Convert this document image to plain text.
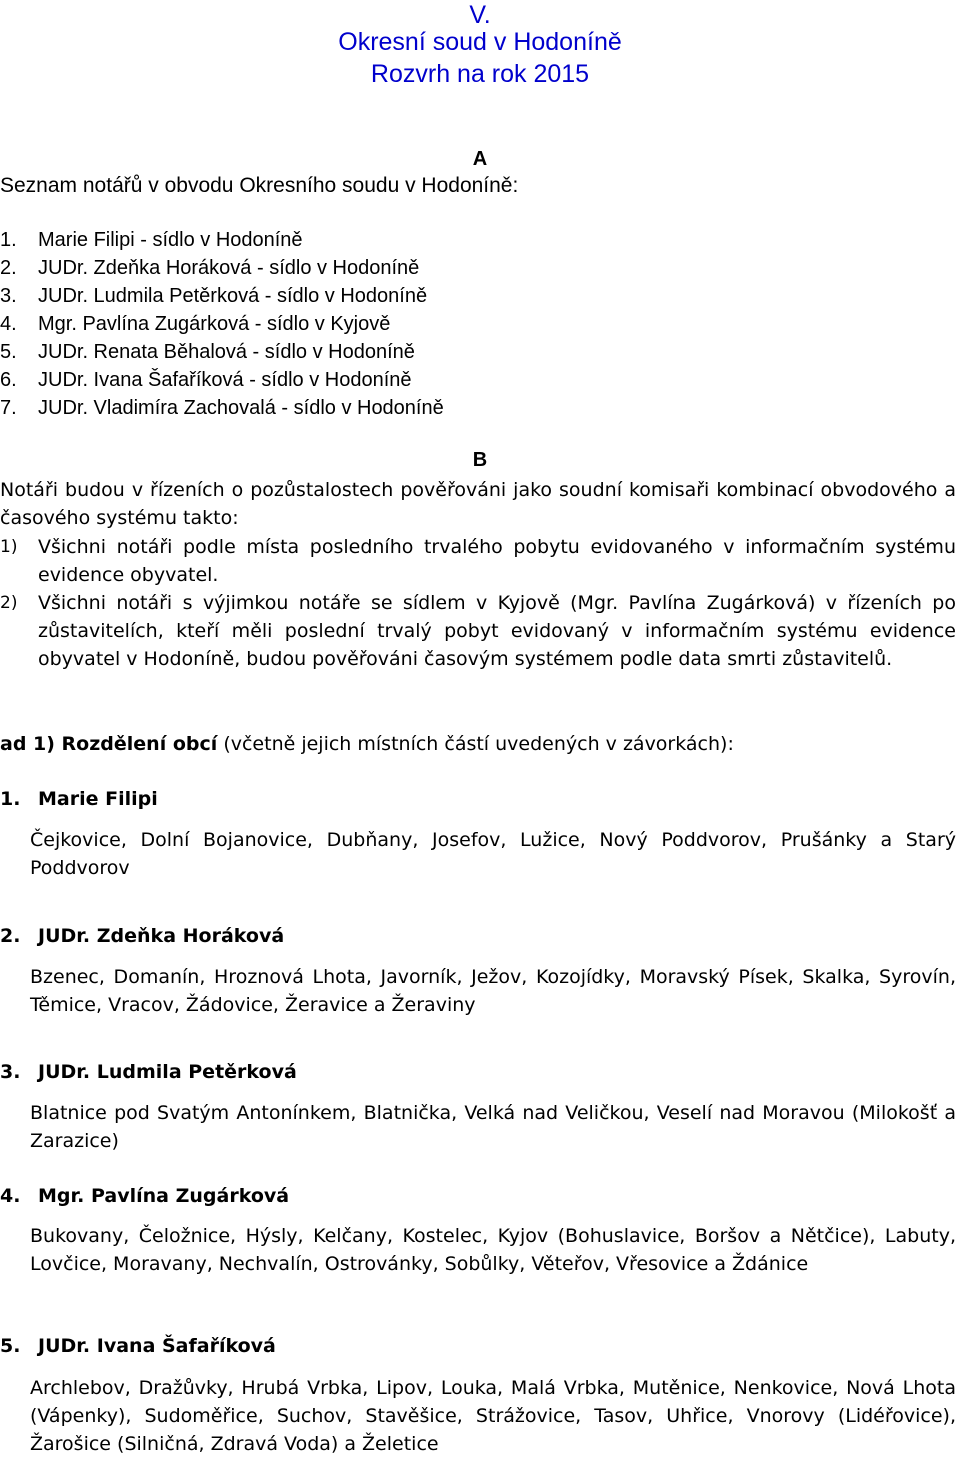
V.
Okresní soud v Hodoníně
Rozvrh na rok 2015
A
Seznam notářů v obvodu Okresního soudu v Hodoníně:
1. Marie Filipi - sídlo v Hodoníně
2. JUDr. Zdeňka Horáková - sídlo v Hodoníně
3. JUDr. Ludmila Petěrková - sídlo v Hodoníně
4. Mgr. Pavlína Zugárková - sídlo v Kyjově
5. JUDr. Renata Běhalová - sídlo v Hodoníně
6. JUDr. Ivana Šafaříková - sídlo v Hodoníně
7. JUDr. Vladimíra Zachovalá - sídlo v Hodoníně
B
Notáři budou v řízeních o pozůstalostech pověřováni jako soudní komisaři kombinací obvodového a časového systému takto:
1) Všichni notáři podle místa posledního trvalého pobytu evidovaného v informačním systému evidence obyvatel.
2) Všichni notáři s výjimkou notáře se sídlem v Kyjově (Mgr. Pavlína Zugárková) v řízeních po zůstavitelích, kteří měli poslední trvalý pobyt evidovaný v informačním systému evidence obyvatel v Hodoníně, budou pověřováni časovým systémem podle data smrti zůstavitelů.
ad 1) Rozdělení obcí (včetně jejich místních částí uvedených v závorkách):
1. Marie Filipi
Čejkovice, Dolní Bojanovice, Dubňany, Josefov, Lužice, Nový Poddvorov, Prušánky a Starý Poddvorov
2. JUDr. Zdeňka Horáková
Bzenec, Domanín, Hroznová Lhota, Javorník, Ježov, Kozojídky, Moravský Písek, Skalka, Syrovín, Těmice, Vracov, Žádovice, Žeravice a Žeraviny
3. JUDr. Ludmila Petěrková
Blatnice pod Svatým Antonínkem, Blatnička, Velká nad Veličkou, Veselí nad Moravou (Milokošť a Zarazice)
4. Mgr. Pavlína Zugárková
Bukovany, Čeložnice, Hýsly, Kelčany, Kostelec, Kyjov (Bohuslavice, Boršov a Nětčice), Labuty, Lovčice, Moravany, Nechvalín, Ostrovánky, Sobůlky, Věteřov, Vřesovice a Ždánice
5. JUDr. Ivana Šafaříková
Archlebov, Dražůvky, Hrubá Vrbka, Lipov, Louka, Malá Vrbka, Mutěnice, Nenkovice, Nová Lhota (Vápenky), Sudoměřice, Suchov, Stavěšice, Strážovice, Tasov, Uhřice, Vnorovy (Lidéřovice), Žarošice (Silničná, Zdravá Voda) a Želetice
